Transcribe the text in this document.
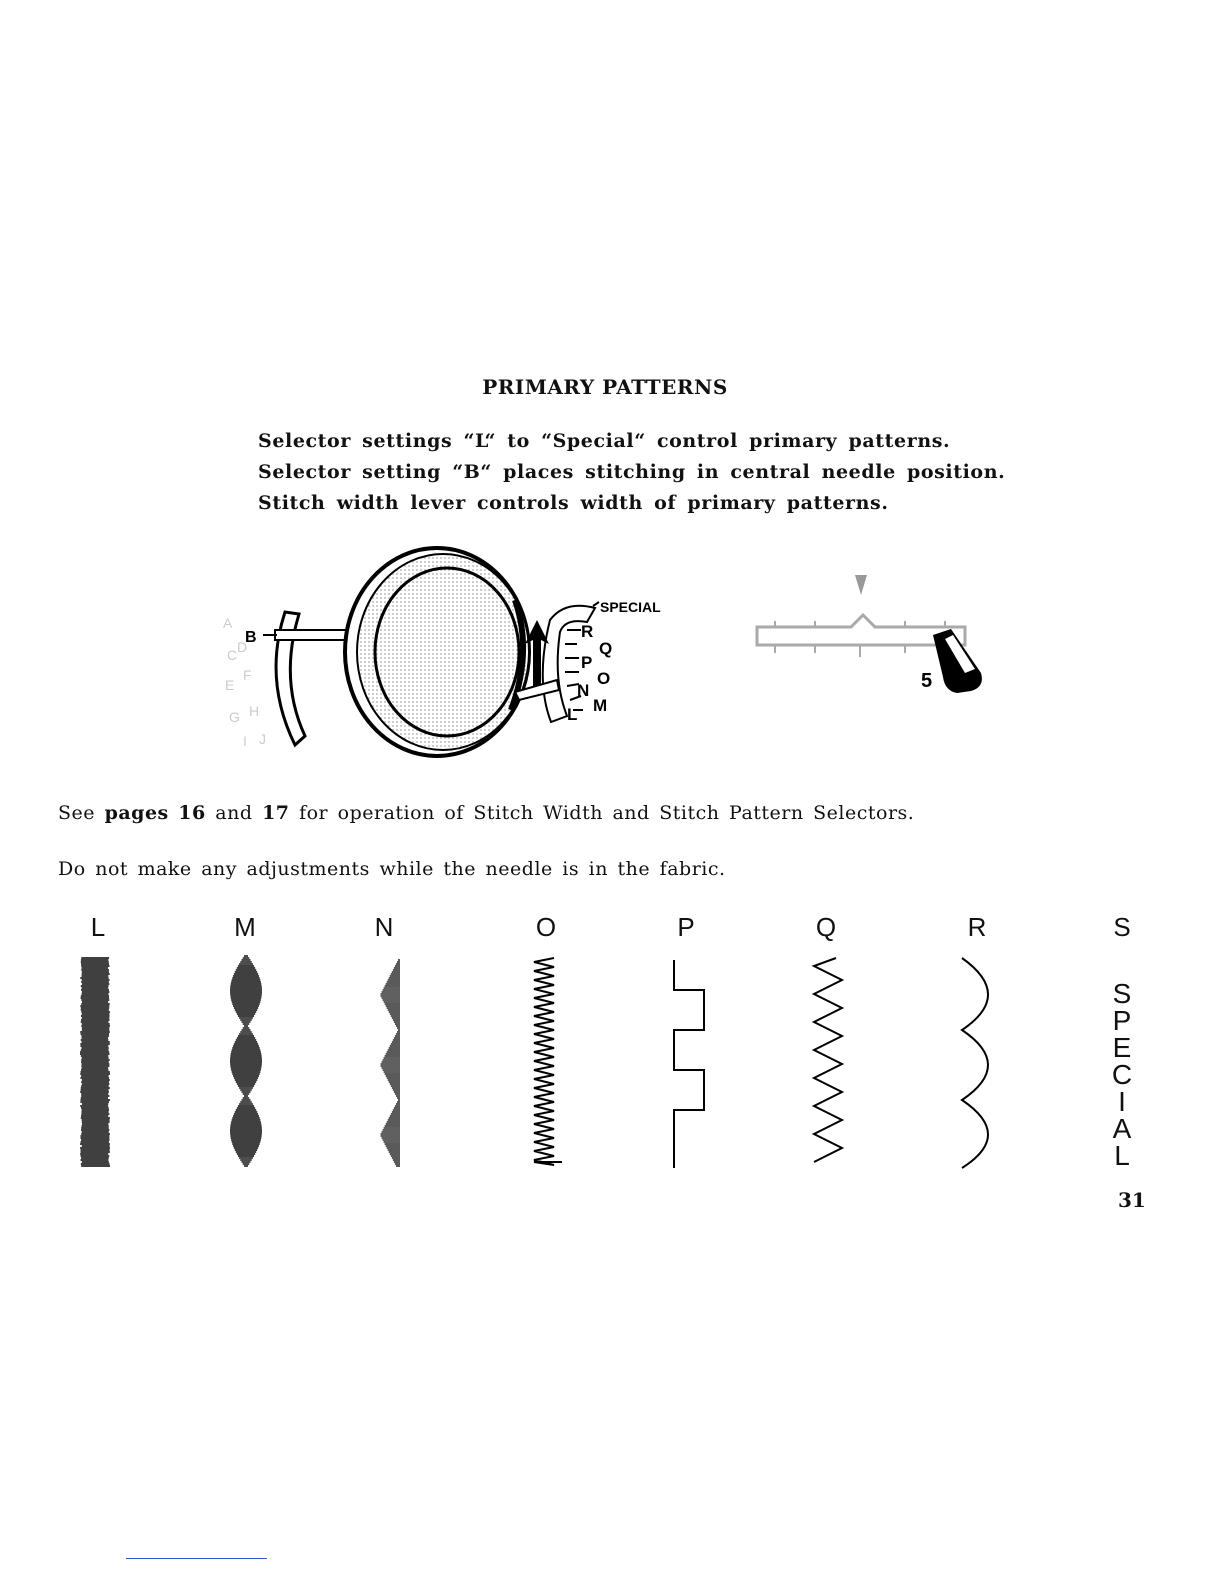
PRIMARY PATTERNS

Selector settings “L“ to “Special“ control primary patterns.

Selector setting “B“ places stitching in central needle position.

Stitch width lever controls width of primary patterns.

A
C D
E
F
G H
I J
B
SPECIAL
R
Q
P
O
N
M
L
5
See pages 16 and 17 for operation of Stitch Width and Stitch Pattern Selectors.
Do not make any adjustments while the needle is in the fabric.
L	M	N	O	P	Q	R	S
S
P
E
C
I
A
L
31
